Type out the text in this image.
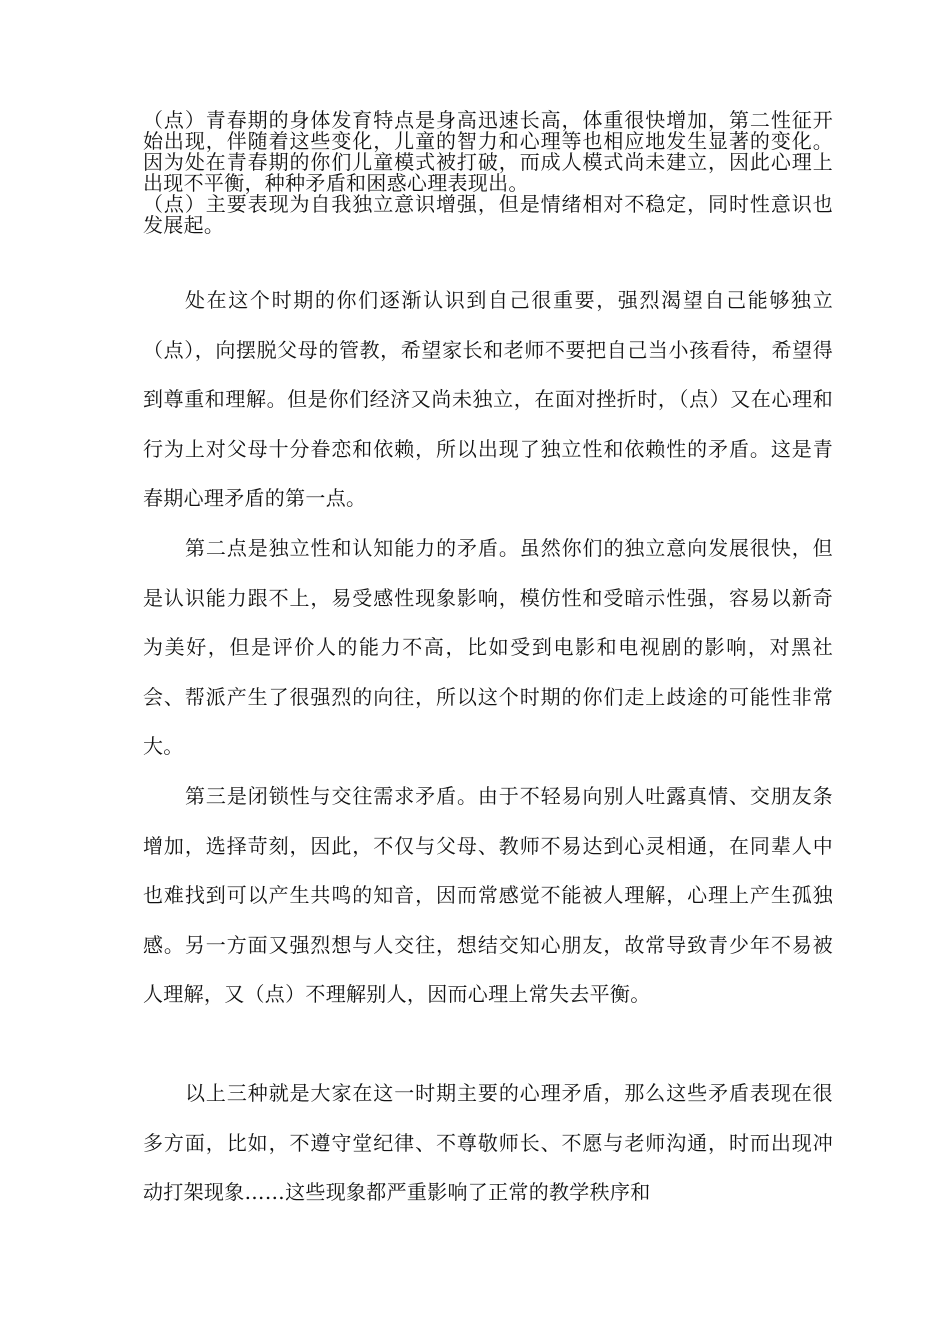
（点）青春期的身体发育特点是身高迅速长高，体重很快增加，第二性征开始出现，伴随着这些变化，儿童的智力和心理等也相应地发生显著的变化。因为处在青春期的你们儿童模式被打破，而成人模式尚未建立，因此心理上出现不平衡，种种矛盾和困惑心理表现出。

（点）主要表现为自我独立意识增强，但是情绪相对不稳定，同时性意识也发展起。

处在这个时期的你们逐渐认识到自己很重要，强烈渴望自己能够独立（点），向摆脱父母的管教，希望家长和老师不要把自己当小孩看待，希望得到尊重和理解。但是你们经济又尚未独立，在面对挫折时，（点）又在心理和行为上对父母十分眷恋和依赖，所以出现了独立性和依赖性的矛盾。这是青春期心理矛盾的第一点。

第二点是独立性和认知能力的矛盾。虽然你们的独立意向发展很快，但是认识能力跟不上，易受感性现象影响，模仿性和受暗示性强，容易以新奇为美好，但是评价人的能力不高，比如受到电影和电视剧的影响，对黑社会、帮派产生了很强烈的向往，所以这个时期的你们走上歧途的可能性非常大。

第三是闭锁性与交往需求矛盾。由于不轻易向别人吐露真情、交朋友条增加，选择苛刻，因此，不仅与父母、教师不易达到心灵相通，在同辈人中也难找到可以产生共鸣的知音，因而常感觉不能被人理解，心理上产生孤独感。另一方面又强烈想与人交往，想结交知心朋友，故常导致青少年不易被人理解，又（点）不理解别人，因而心理上常失去平衡。

以上三种就是大家在这一时期主要的心理矛盾，那么这些矛盾表现在很多方面，比如，不遵守堂纪律、不尊敬师长、不愿与老师沟通，时而出现冲动打架现象……这些现象都严重影响了正常的教学秩序和
